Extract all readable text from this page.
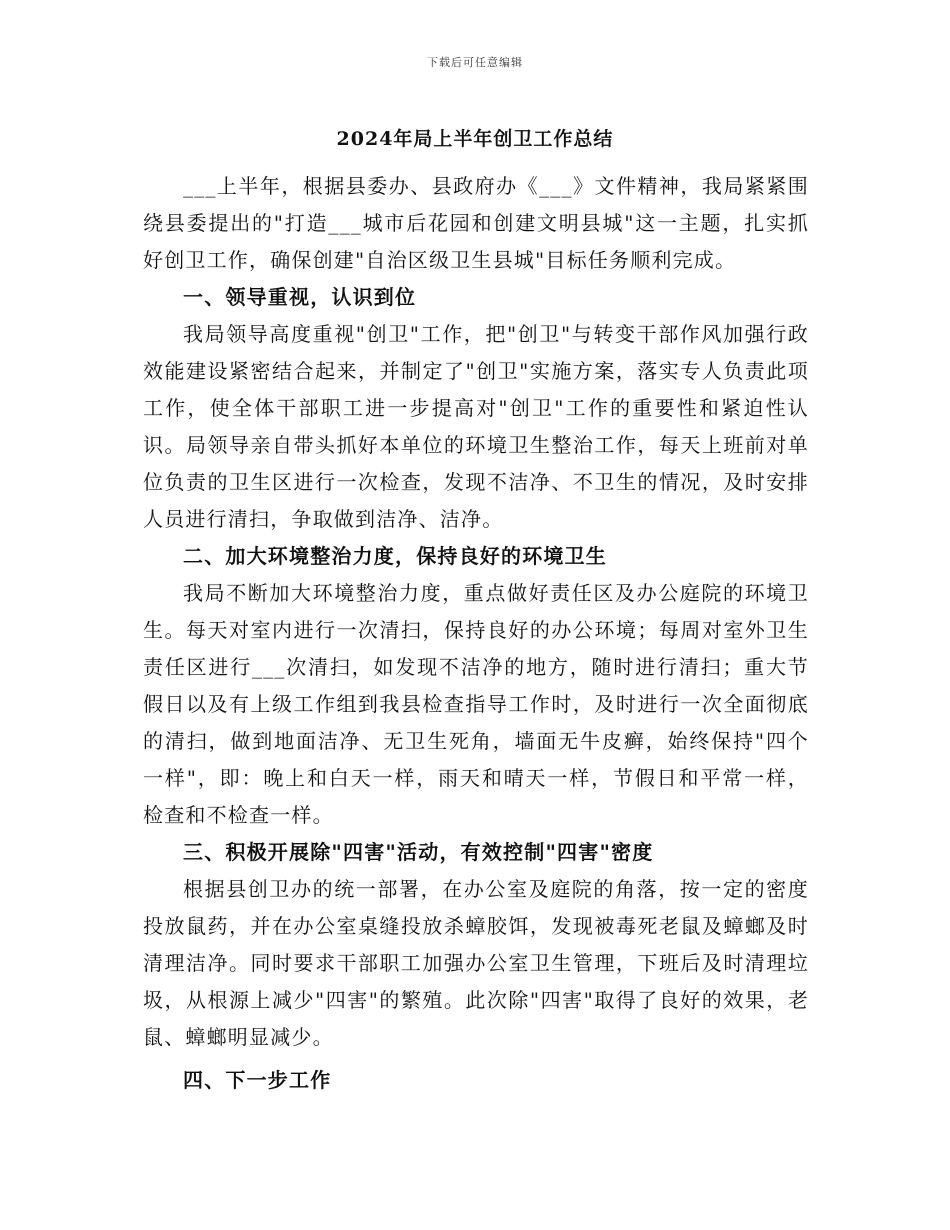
下载后可任意编辑
2024年局上半年创卫工作总结

___上半年，根据县委办、县政府办《___》文件精神，我局紧紧围绕县委提出的"打造___城市后花园和创建文明县城"这一主题，扎实抓好创卫工作，确保创建"自治区级卫生县城"目标任务顺利完成。

一、领导重视，认识到位

我局领导高度重视"创卫"工作，把"创卫"与转变干部作风加强行政效能建设紧密结合起来，并制定了"创卫"实施方案，落实专人负责此项工作，使全体干部职工进一步提高对"创卫"工作的重要性和紧迫性认识。局领导亲自带头抓好本单位的环境卫生整治工作，每天上班前对单位负责的卫生区进行一次检查，发现不洁净、不卫生的情况，及时安排人员进行清扫，争取做到洁净、洁净。

二、加大环境整治力度，保持良好的环境卫生

我局不断加大环境整治力度，重点做好责任区及办公庭院的环境卫生。每天对室内进行一次清扫，保持良好的办公环境；每周对室外卫生责任区进行___次清扫，如发现不洁净的地方，随时进行清扫；重大节假日以及有上级工作组到我县检查指导工作时，及时进行一次全面彻底的清扫，做到地面洁净、无卫生死角，墙面无牛皮癣，始终保持"四个一样"，即：晚上和白天一样，雨天和晴天一样，节假日和平常一样，检查和不检查一样。

三、积极开展除"四害"活动，有效控制"四害"密度

根据县创卫办的统一部署，在办公室及庭院的角落，按一定的密度投放鼠药，并在办公室桌缝投放杀蟑胶饵，发现被毒死老鼠及蟑螂及时清理洁净。同时要求干部职工加强办公室卫生管理，下班后及时清理垃圾，从根源上减少"四害"的繁殖。此次除"四害"取得了良好的效果，老鼠、蟑螂明显减少。

四、下一步工作
